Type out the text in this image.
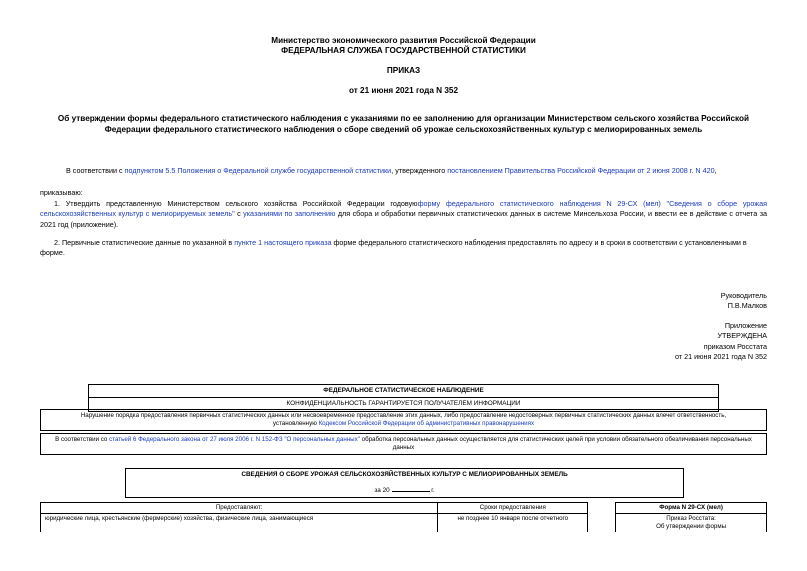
Министерство экономического развития Российской Федерации
ФЕДЕРАЛЬНАЯ СЛУЖБА ГОСУДАРСТВЕННОЙ СТАТИСТИКИ
ПРИКАЗ
от 21 июня 2021 года N 352
Об утверждении формы федерального статистического наблюдения с указаниями по ее заполнению для организации Министерством сельского хозяйства Российской Федерации федерального статистического наблюдения о сборе сведений об урожае сельскохозяйственных культур с мелиорированных земель
В соответствии с подпунктом 5.5 Положения о Федеральной службе государственной статистики, утвержденного постановлением Правительства Российской Федерации от 2 июня 2008 г. N 420,
приказываю:
1. Утвердить представленную Министерством сельского хозяйства Российской Федерации годовуюформу федерального статистического наблюдения N 29-СХ (мел) "Сведения о сборе урожая сельскохозяйственных культур с мелиорируемых земель" с указаниями по заполнению для сбора и обработки первичных статистических данных в системе Минсельхоза России, и ввести ее в действие с отчета за 2021 год (приложение).
2. Первичные статистические данные по указанной в пункте 1 настоящего приказа форме федерального статистического наблюдения предоставлять по адресу и в сроки в соответствии с установленными в форме.
Руководитель
П.В.Малков
Приложение
УТВЕРЖДЕНА
приказом Росстата
от 21 июня 2021 года N 352
ФЕДЕРАЛЬНОЕ СТАТИСТИЧЕСКОЕ НАБЛЮДЕНИЕ
КОНФИДЕНЦИАЛЬНОСТЬ ГАРАНТИРУЕТСЯ ПОЛУЧАТЕЛЕМ ИНФОРМАЦИИ
Нарушение порядка предоставления первичных статистических данных или несвоевременное предоставление этих данных, либо предоставление недостоверных первичных статистических данных влечет ответственность,
установленную Кодексом Российской Федерации об административных правонарушениях
В соответствии со статьей 6 Федерального закона от 27 июля 2006 г. N 152-ФЗ "О персональных данных" обработка персональных данных осуществляется для статистических целей при условии обязательного обезличивания персональных данных
СВЕДЕНИЯ О СБОРЕ УРОЖАЯ СЕЛЬСКОХОЗЯЙСТВЕННЫХ КУЛЬТУР С МЕЛИОРИРОВАННЫХ ЗЕМЕЛЬ
за 20	г.
Предоставляют:	Сроки предоставления		Форма N 29-СХ (мел)
юридические лица, крестьянские (фермерские) хозяйства, физические лица, занимающиеся	не позднее 10 января после отчетного		Приказ Росстата:
Об утверждении формы
